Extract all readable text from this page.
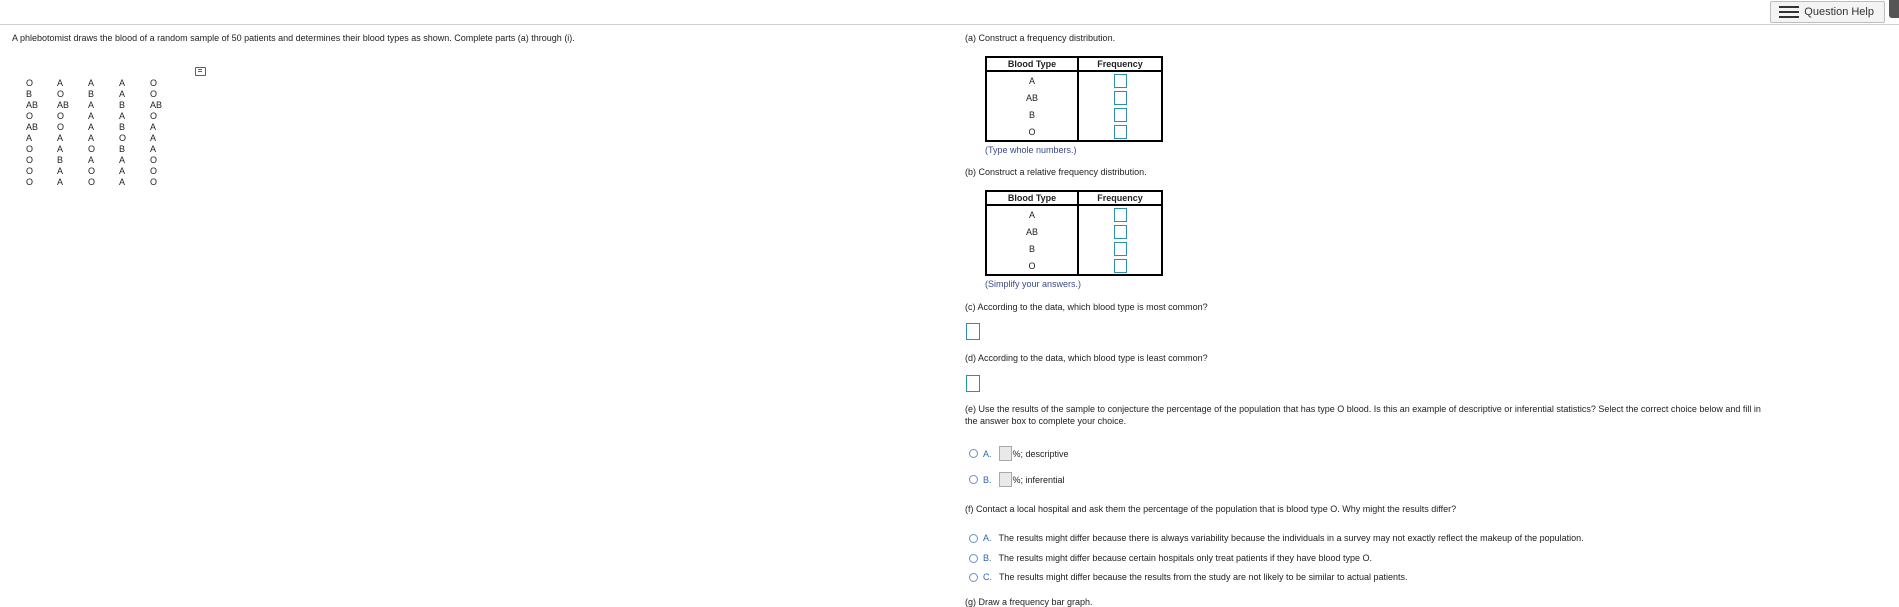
Question Help
A phlebotomist draws the blood of a random sample of 50 patients and determines their blood types as shown. Complete parts (a) through (i).
O	A	A	A	O
B	O	B	A	O
AB	AB	A	B	AB
O	O	A	A	O
AB	O	A	B	A
A	A	A	O	A
O	A	O	B	A
O	B	A	A	O
O	A	O	A	O
O	A	O	A	O
(a) Construct a frequency distribution.
Blood Type	Frequency
A	
AB	
B	
O	
(Type whole numbers.)
(b) Construct a relative frequency distribution.
Blood Type	Frequency
A	
AB	
B	
O	
(Simplify your answers.)
(c) According to the data, which blood type is most common?
(d) According to the data, which blood type is least common?
(e) Use the results of the sample to conjecture the percentage of the population that has type O blood. Is this an example of descriptive or inferential statistics? Select the correct choice below and fill in
the answer box to complete your choice.
A. %; descriptive
B. %; inferential
(f) Contact a local hospital and ask them the percentage of the population that is blood type O. Why might the results differ?
A. The results might differ because there is always variability because the individuals in a survey may not exactly reflect the makeup of the population.
B. The results might differ because certain hospitals only treat patients if they have blood type O.
C. The results might differ because the results from the study are not likely to be similar to actual patients.
(g) Draw a frequency bar graph.
